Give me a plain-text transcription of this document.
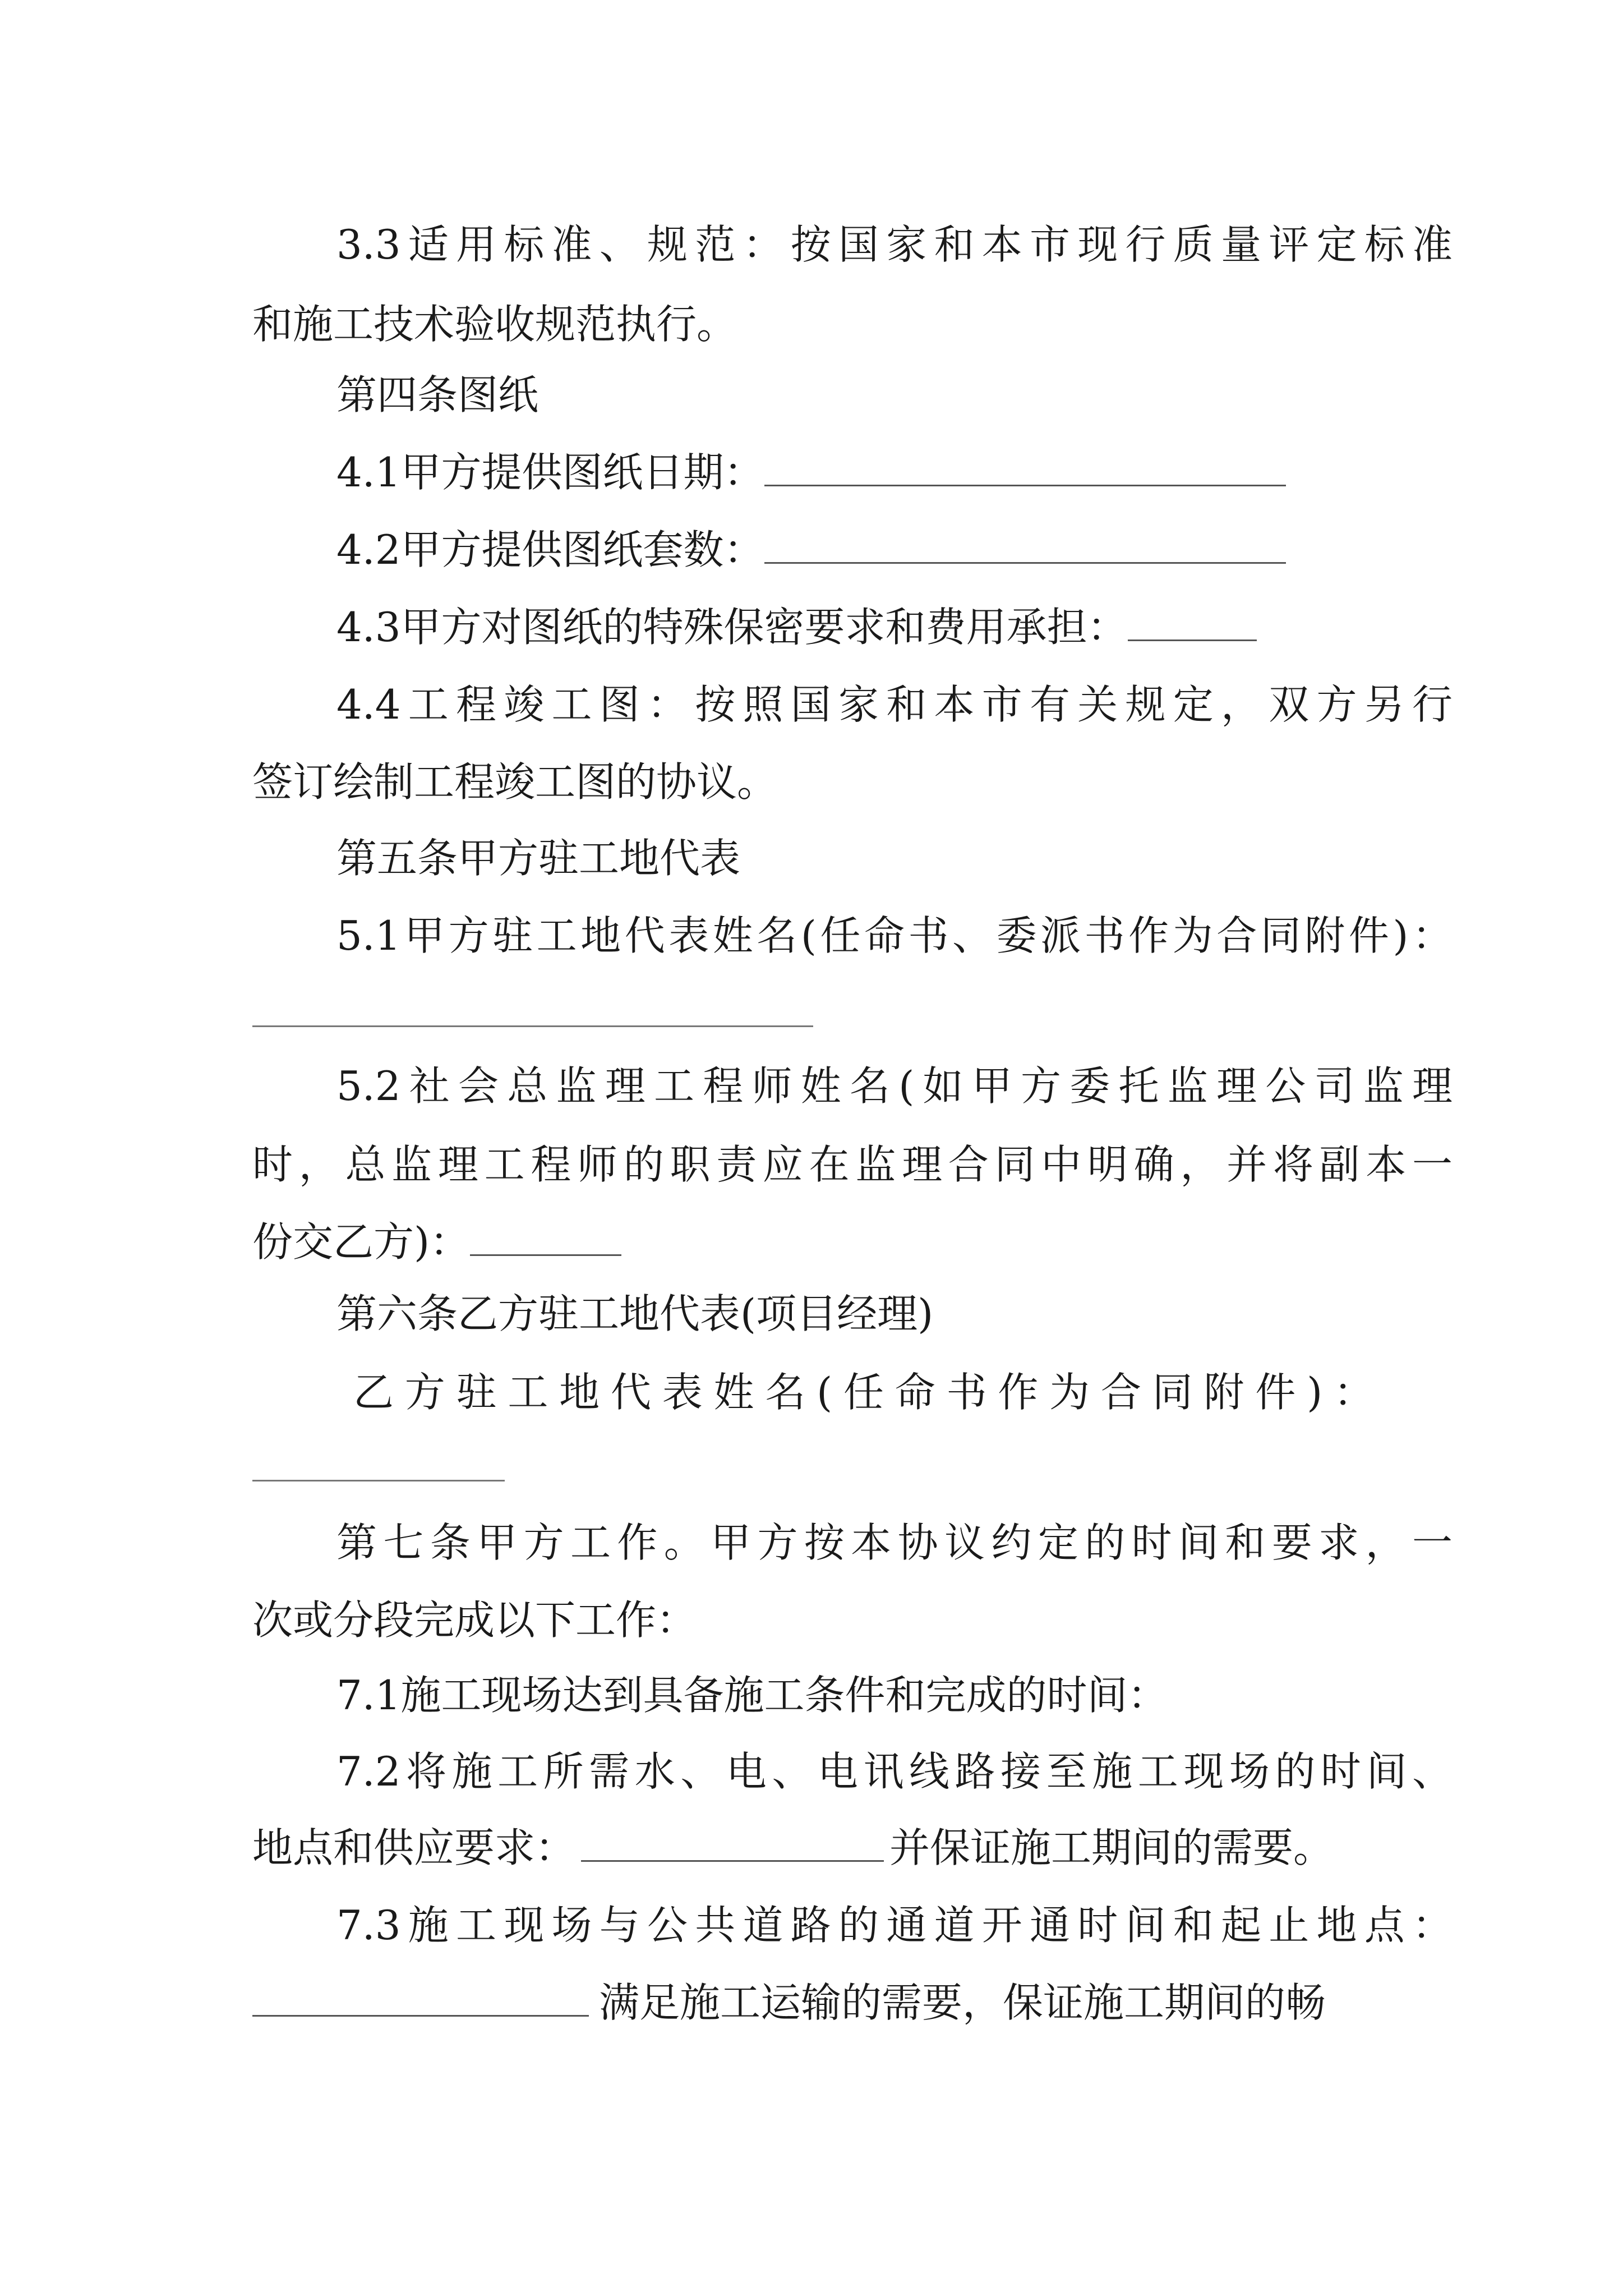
3.3适用标准、规范：按国家和本市现行质量评定标准
和施工技术验收规范执行。
第四条图纸
4.1甲方提供图纸日期：
4.2甲方提供图纸套数：
4.3甲方对图纸的特殊保密要求和费用承担：
4.4工程竣工图：按照国家和本市有关规定，双方另行
签订绘制工程竣工图的协议。
第五条甲方驻工地代表
5.1甲方驻工地代表姓名(任命书、委派书作为合同附件)：
5.2社会总监理工程师姓名(如甲方委托监理公司监理
时，总监理工程师的职责应在监理合同中明确，并将副本一
份交乙方)：
第六条乙方驻工地代表(项目经理)
乙方驻工地代表姓名(任命书作为合同附件)：
第七条甲方工作。甲方按本协议约定的时间和要求，一
次或分段完成以下工作：
7.1施工现场达到具备施工条件和完成的时间：
7.2将施工所需水、电、电讯线路接至施工现场的时间、
地点和供应要求：	并保证施工期间的需要。
7.3施工现场与公共道路的通道开通时间和起止地点：
满足施工运输的需要，保证施工期间的畅
